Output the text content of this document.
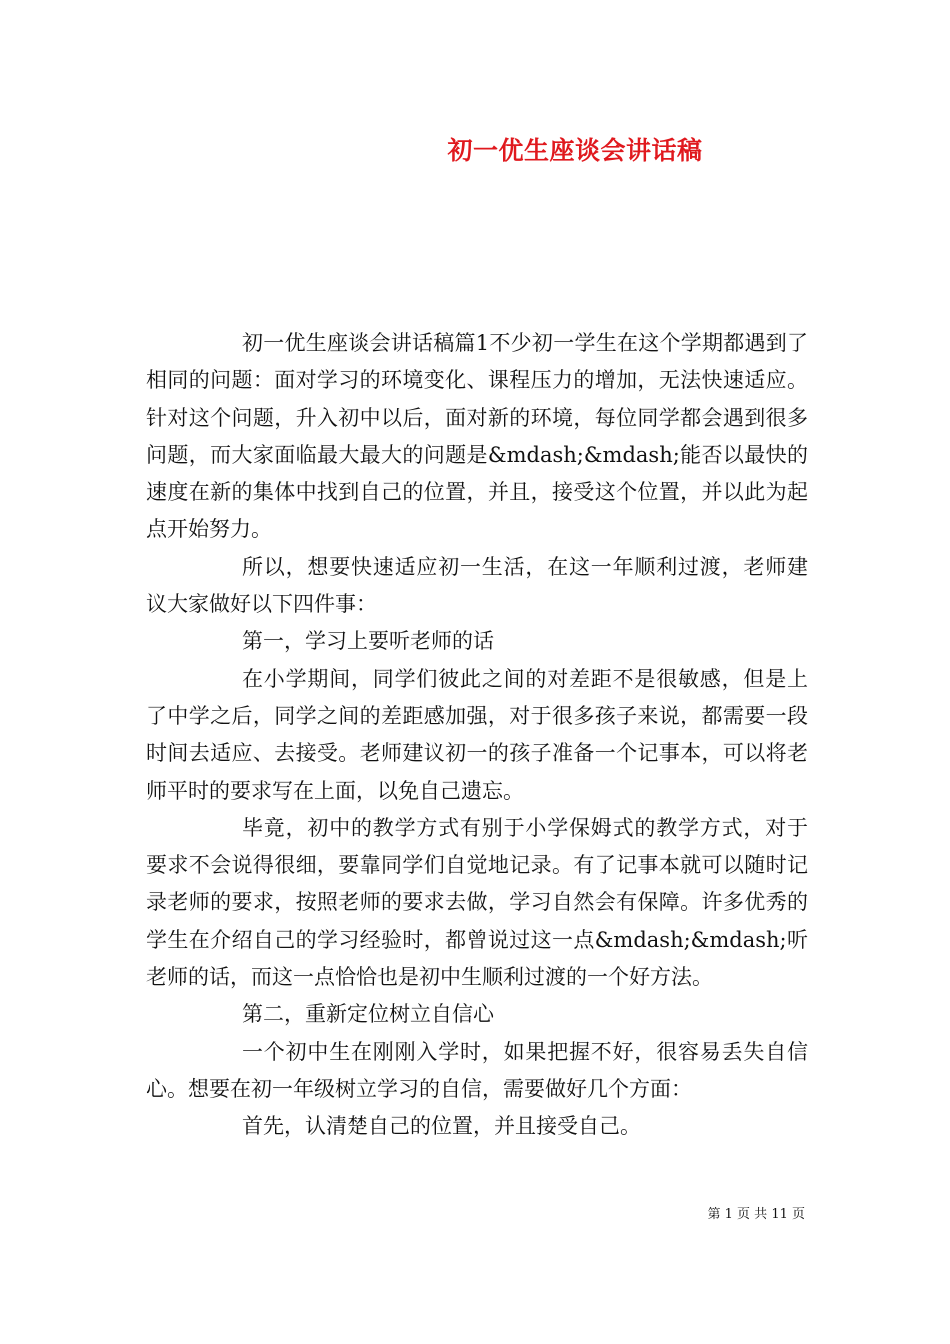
初一优生座谈会讲话稿

初一优生座谈会讲话稿篇1不少初一学生在这个学期都遇到了相同的问题：面对学习的环境变化、课程压力的增加，无法快速适应。针对这个问题，升入初中以后，面对新的环境，每位同学都会遇到很多问题，而大家面临最大最大的问题是&mdash;&mdash;能否以最快的速度在新的集体中找到自己的位置，并且，接受这个位置，并以此为起点开始努力。

所以，想要快速适应初一生活，在这一年顺利过渡，老师建议大家做好以下四件事：

第一，学习上要听老师的话

在小学期间，同学们彼此之间的对差距不是很敏感，但是上了中学之后，同学之间的差距感加强，对于很多孩子来说，都需要一段时间去适应、去接受。老师建议初一的孩子准备一个记事本，可以将老师平时的要求写在上面，以免自己遗忘。

毕竟，初中的教学方式有别于小学保姆式的教学方式，对于要求不会说得很细，要靠同学们自觉地记录。有了记事本就可以随时记录老师的要求，按照老师的要求去做，学习自然会有保障。许多优秀的学生在介绍自己的学习经验时，都曾说过这一点&mdash;&mdash;听老师的话，而这一点恰恰也是初中生顺利过渡的一个好方法。

第二，重新定位树立自信心

一个初中生在刚刚入学时，如果把握不好，很容易丢失自信心。想要在初一年级树立学习的自信，需要做好几个方面：

首先，认清楚自己的位置，并且接受自己。

第 1 页 共 11 页
